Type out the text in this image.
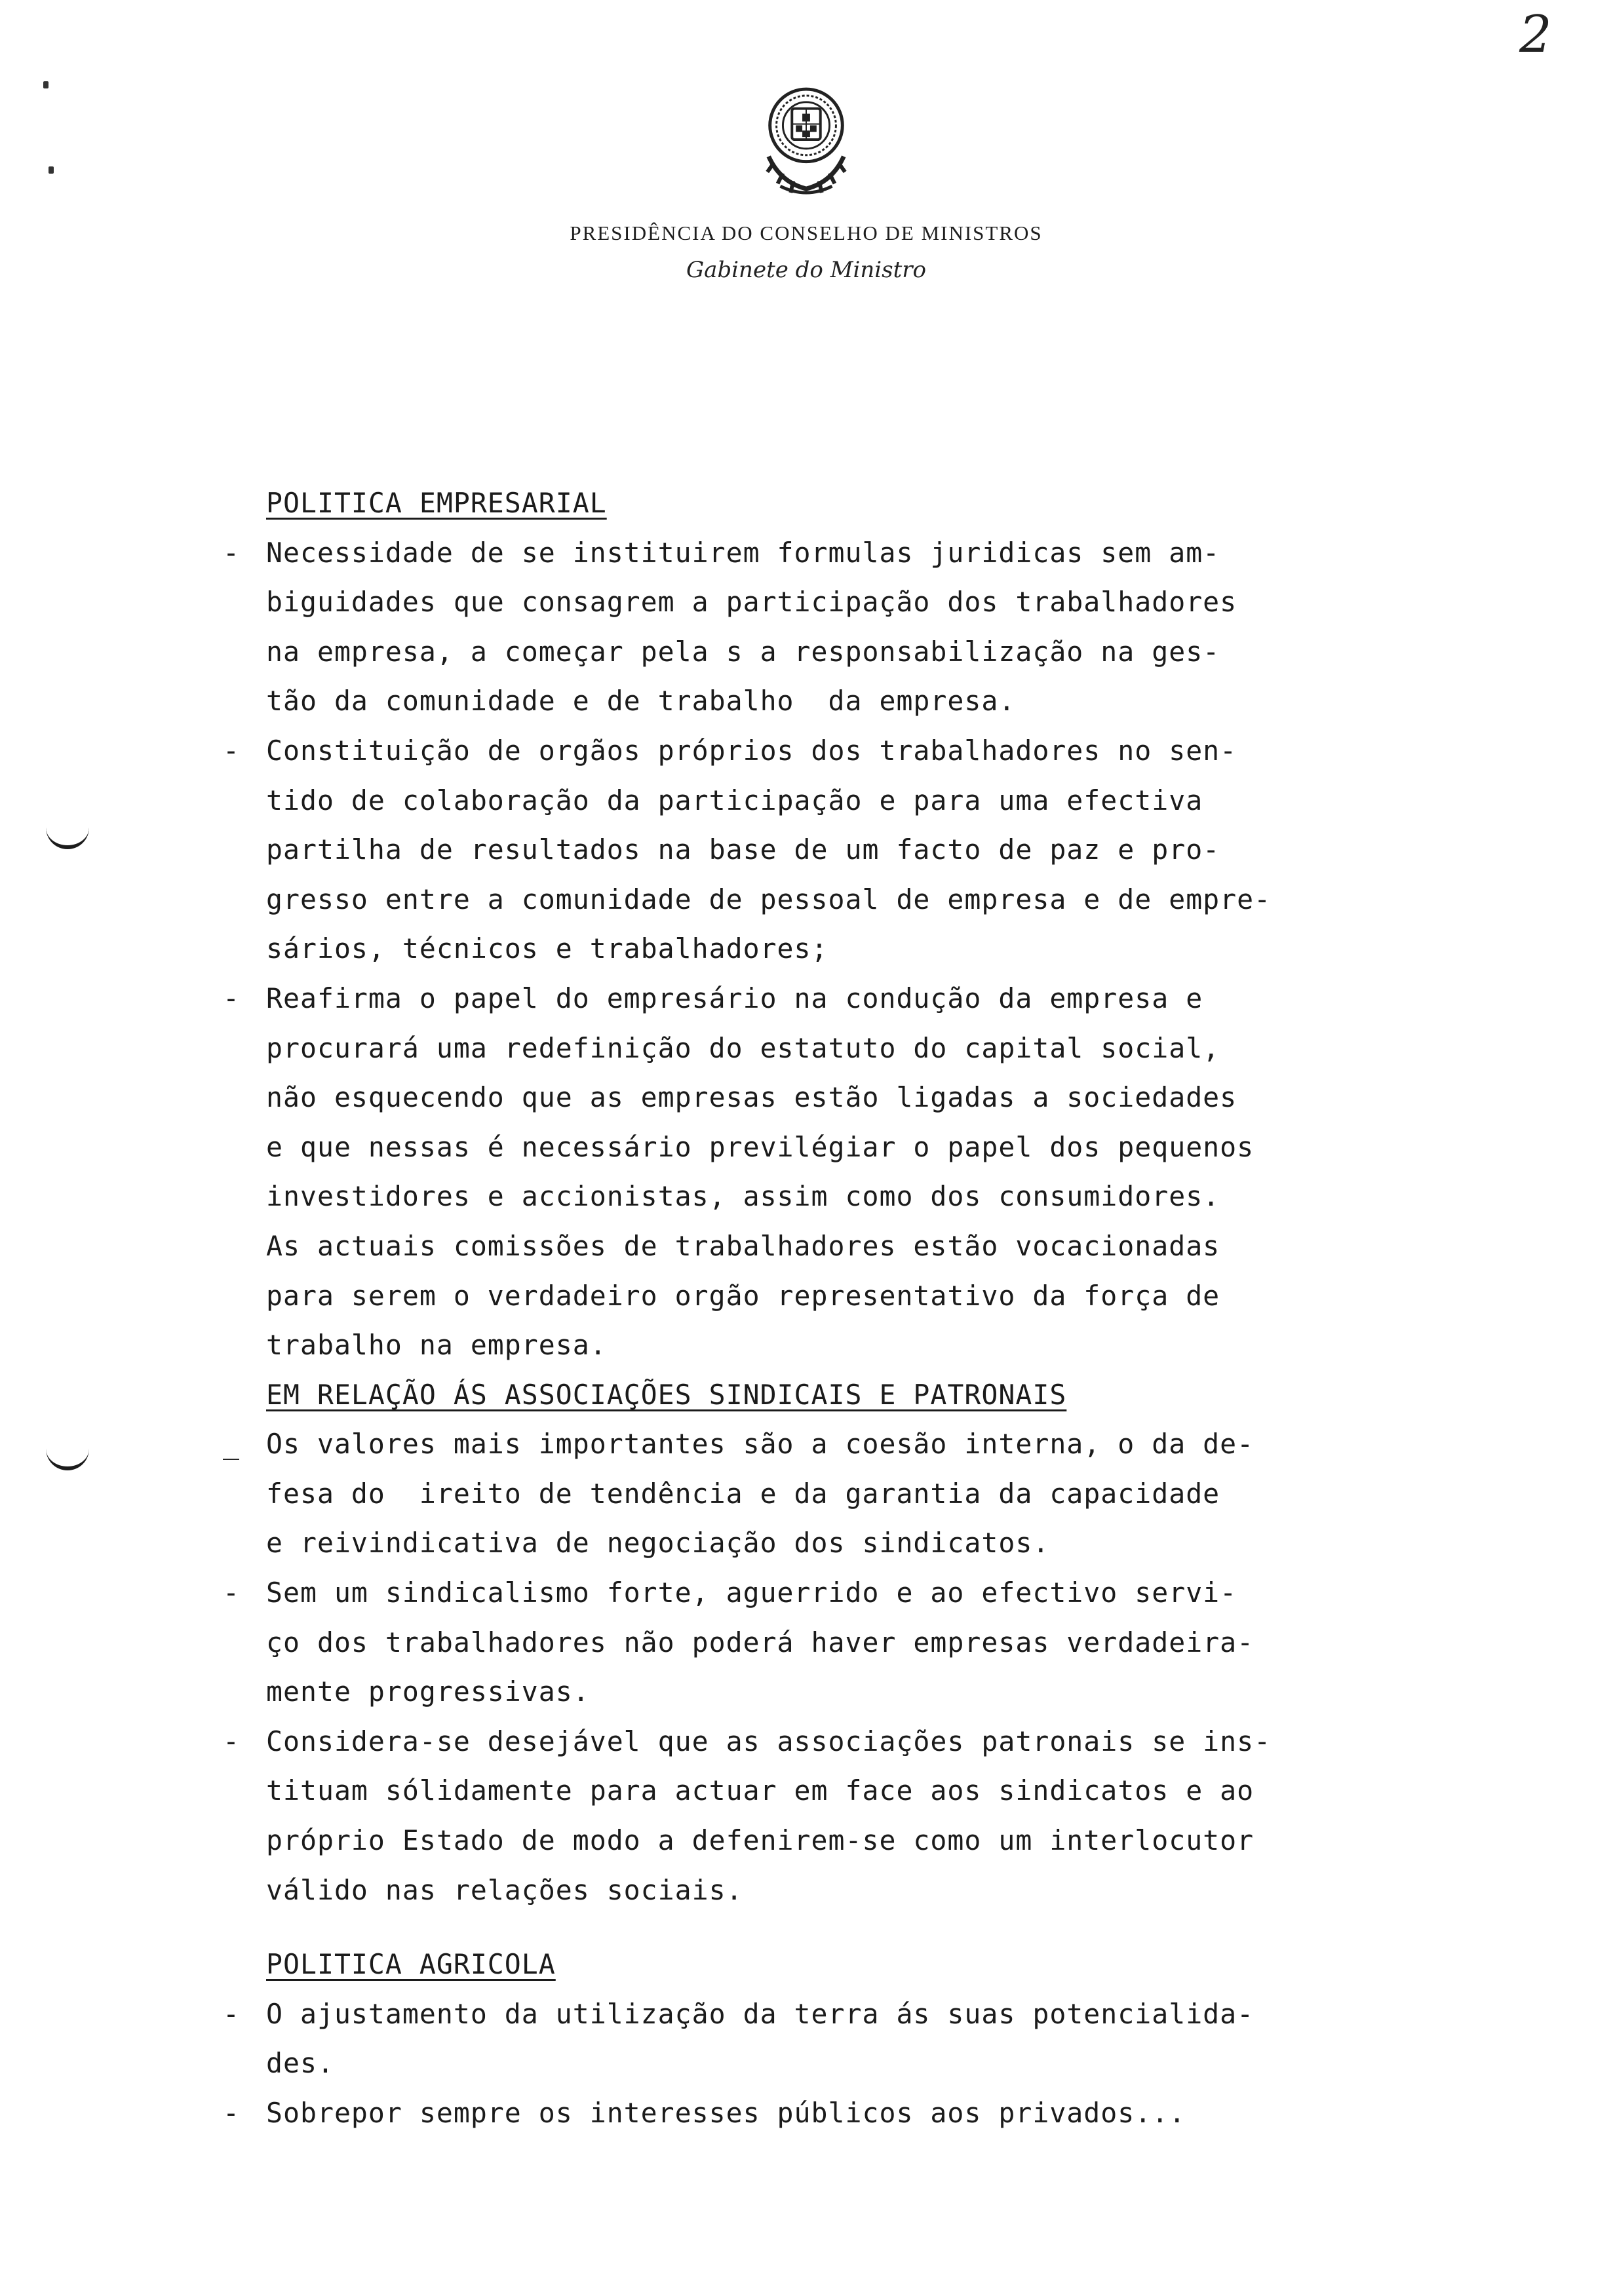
2
PRESIDÊNCIA DO CONSELHO DE MINISTROS
Gabinete do Ministro
POLITICA EMPRESARIAL
- Necessidade de se instituirem formulas juridicas sem am-
biguidades que consagrem a participação dos trabalhadores
na empresa, a começar pela s a responsabilização na ges-
tão da comunidade e de trabalho  da empresa.
- Constituição de orgãos próprios dos trabalhadores no sen-
tido de colaboração da participação e para uma efectiva
partilha de resultados na base de um facto de paz e pro-
gresso entre a comunidade de pessoal de empresa e de empre-
sários, técnicos e trabalhadores;
- Reafirma o papel do empresário na condução da empresa e
procurará uma redefinição do estatuto do capital social,
não esquecendo que as empresas estão ligadas a sociedades
e que nessas é necessário previlégiar o papel dos pequenos
investidores e accionistas, assim como dos consumidores.
As actuais comissões de trabalhadores estão vocacionadas
para serem o verdadeiro orgão representativo da força de
trabalho na empresa.
EM RELAÇÃO ÁS ASSOCIAÇÕES SINDICAIS E PATRONAIS
_ Os valores mais importantes são a coesão interna, o da de-
fesa do  ireito de tendência e da garantia da capacidade
e reivindicativa de negociação dos sindicatos.
- Sem um sindicalismo forte, aguerrido e ao efectivo servi-
ço dos trabalhadores não poderá haver empresas verdadeira-
mente progressivas.
- Considera-se desejável que as associações patronais se ins-
tituam sólidamente para actuar em face aos sindicatos e ao
próprio Estado de modo a defenirem-se como um interlocutor
válido nas relações sociais.
POLITICA AGRICOLA
- O ajustamento da utilização da terra ás suas potencialida-
des.
- Sobrepor sempre os interesses públicos aos privados...
